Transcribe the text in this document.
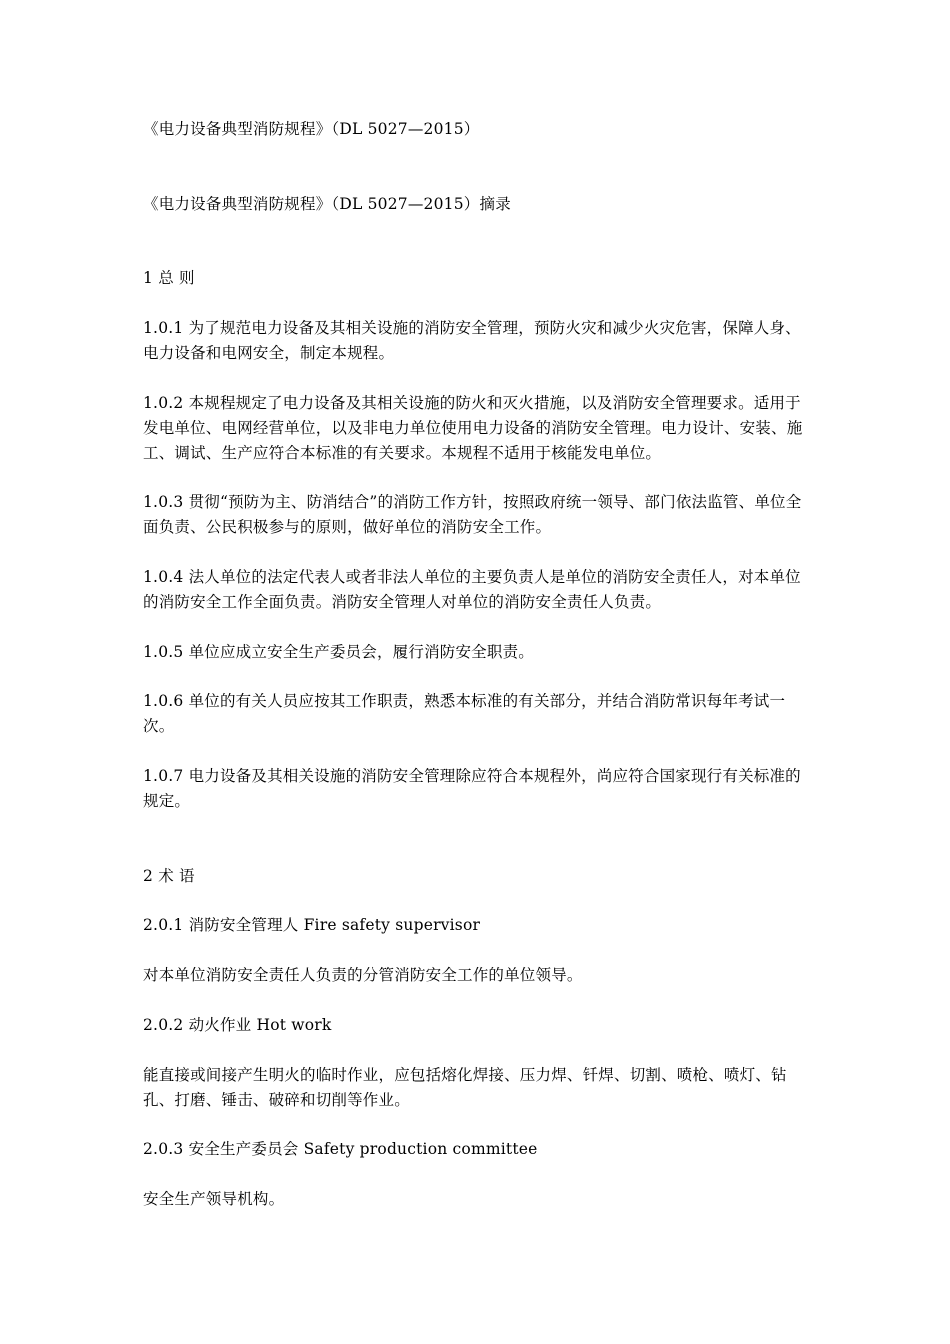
《电力设备典型消防规程》（DL 5027—2015）

《电力设备典型消防规程》（DL 5027—2015）摘录

1 总 则

1.0.1 为了规范电力设备及其相关设施的消防安全管理，预防火灾和减少火灾危害，保障人身、电力设备和电网安全，制定本规程。

1.0.2 本规程规定了电力设备及其相关设施的防火和灭火措施，以及消防安全管理要求。适用于发电单位、电网经营单位，以及非电力单位使用电力设备的消防安全管理。电力设计、安装、施工、调试、生产应符合本标准的有关要求。本规程不适用于核能发电单位。

1.0.3 贯彻“预防为主、防消结合”的消防工作方针，按照政府统一领导、部门依法监管、单位全面负责、公民积极参与的原则，做好单位的消防安全工作。

1.0.4 法人单位的法定代表人或者非法人单位的主要负责人是单位的消防安全责任人，对本单位的消防安全工作全面负责。消防安全管理人对单位的消防安全责任人负责。

1.0.5 单位应成立安全生产委员会，履行消防安全职责。

1.0.6 单位的有关人员应按其工作职责，熟悉本标准的有关部分，并结合消防常识每年考试一次。

1.0.7 电力设备及其相关设施的消防安全管理除应符合本规程外，尚应符合国家现行有关标准的规定。

2 术 语

2.0.1 消防安全管理人 Fire safety supervisor

对本单位消防安全责任人负责的分管消防安全工作的单位领导。

2.0.2 动火作业 Hot work

能直接或间接产生明火的临时作业，应包括熔化焊接、压力焊、钎焊、切割、喷枪、喷灯、钻孔、打磨、锤击、破碎和切削等作业。

2.0.3 安全生产委员会 Safety production committee

安全生产领导机构。
